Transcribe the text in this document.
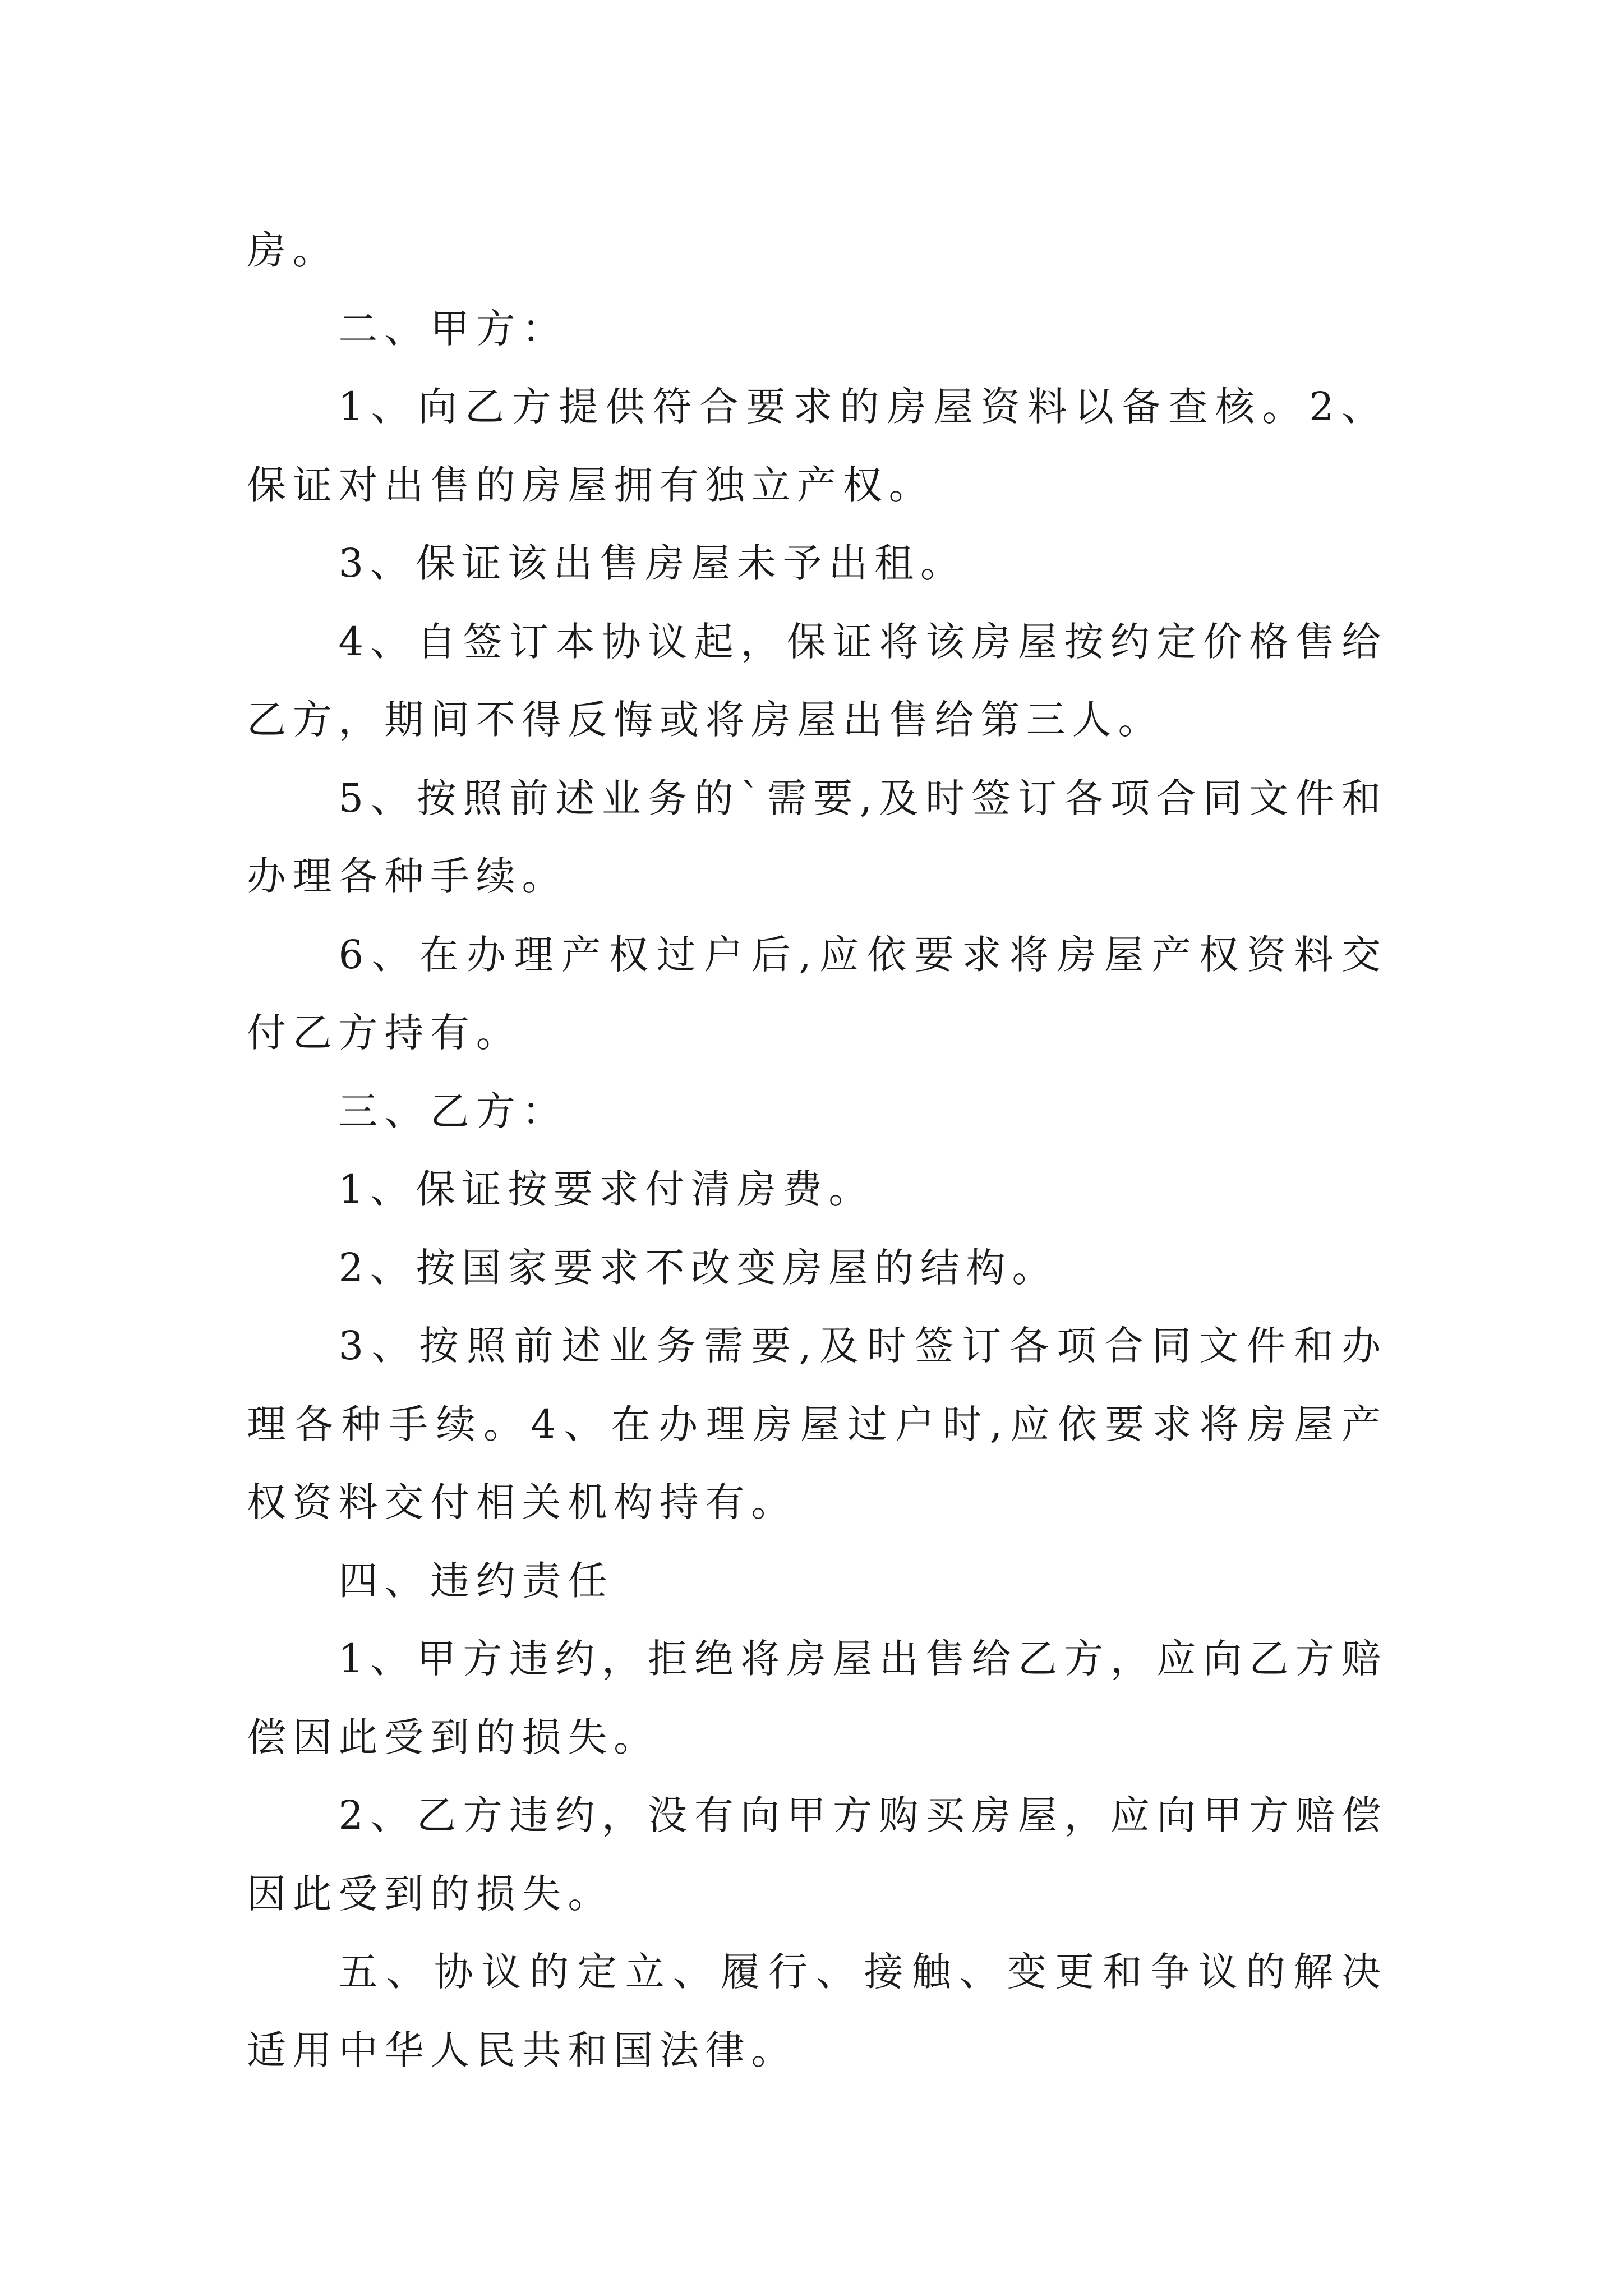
房。

二、甲方：

1、向乙方提供符合要求的房屋资料以备查核。2、保证对出售的房屋拥有独立产权。

3、保证该出售房屋未予出租。

4、自签订本协议起，保证将该房屋按约定价格售给乙方，期间不得反悔或将房屋出售给第三人。

5、按照前述业务的`需要,及时签订各项合同文件和办理各种手续。

6、在办理产权过户后,应依要求将房屋产权资料交付乙方持有。

三、乙方：

1、保证按要求付清房费。

2、按国家要求不改变房屋的结构。

3、按照前述业务需要,及时签订各项合同文件和办理各种手续。4、在办理房屋过户时,应依要求将房屋产权资料交付相关机构持有。

四、违约责任

1、甲方违约，拒绝将房屋出售给乙方，应向乙方赔偿因此受到的损失。

2、乙方违约，没有向甲方购买房屋，应向甲方赔偿因此受到的损失。

五、协议的定立、履行、接触、变更和争议的解决适用中华人民共和国法律。
